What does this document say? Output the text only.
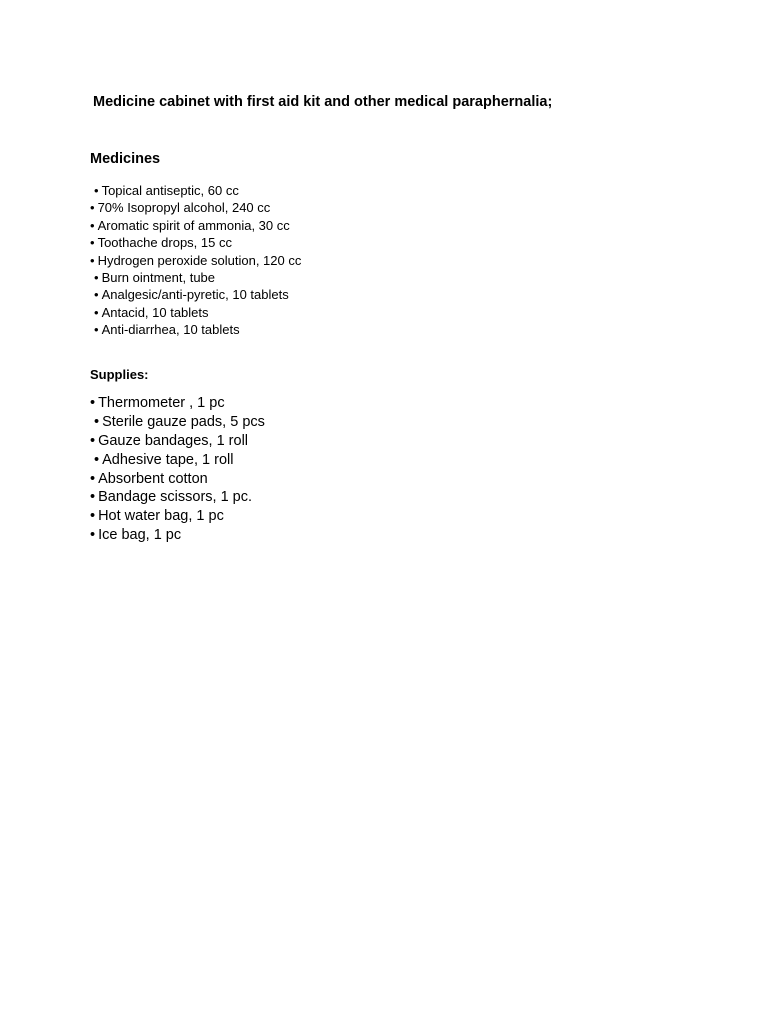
Medicine cabinet with first aid kit and other medical paraphernalia;
Medicines
• Topical antiseptic, 60 cc
• 70% Isopropyl alcohol, 240 cc
• Aromatic spirit of ammonia, 30 cc
• Toothache drops, 15 cc
• Hydrogen peroxide solution, 120 cc
• Burn ointment, tube
• Analgesic/anti-pyretic, 10 tablets
• Antacid, 10 tablets
• Anti-diarrhea, 10 tablets
Supplies:
• Thermometer , 1 pc
• Sterile gauze pads, 5 pcs
• Gauze bandages, 1 roll
• Adhesive tape, 1 roll
• Absorbent cotton
• Bandage scissors, 1 pc.
• Hot water bag, 1 pc
• Ice bag, 1 pc
